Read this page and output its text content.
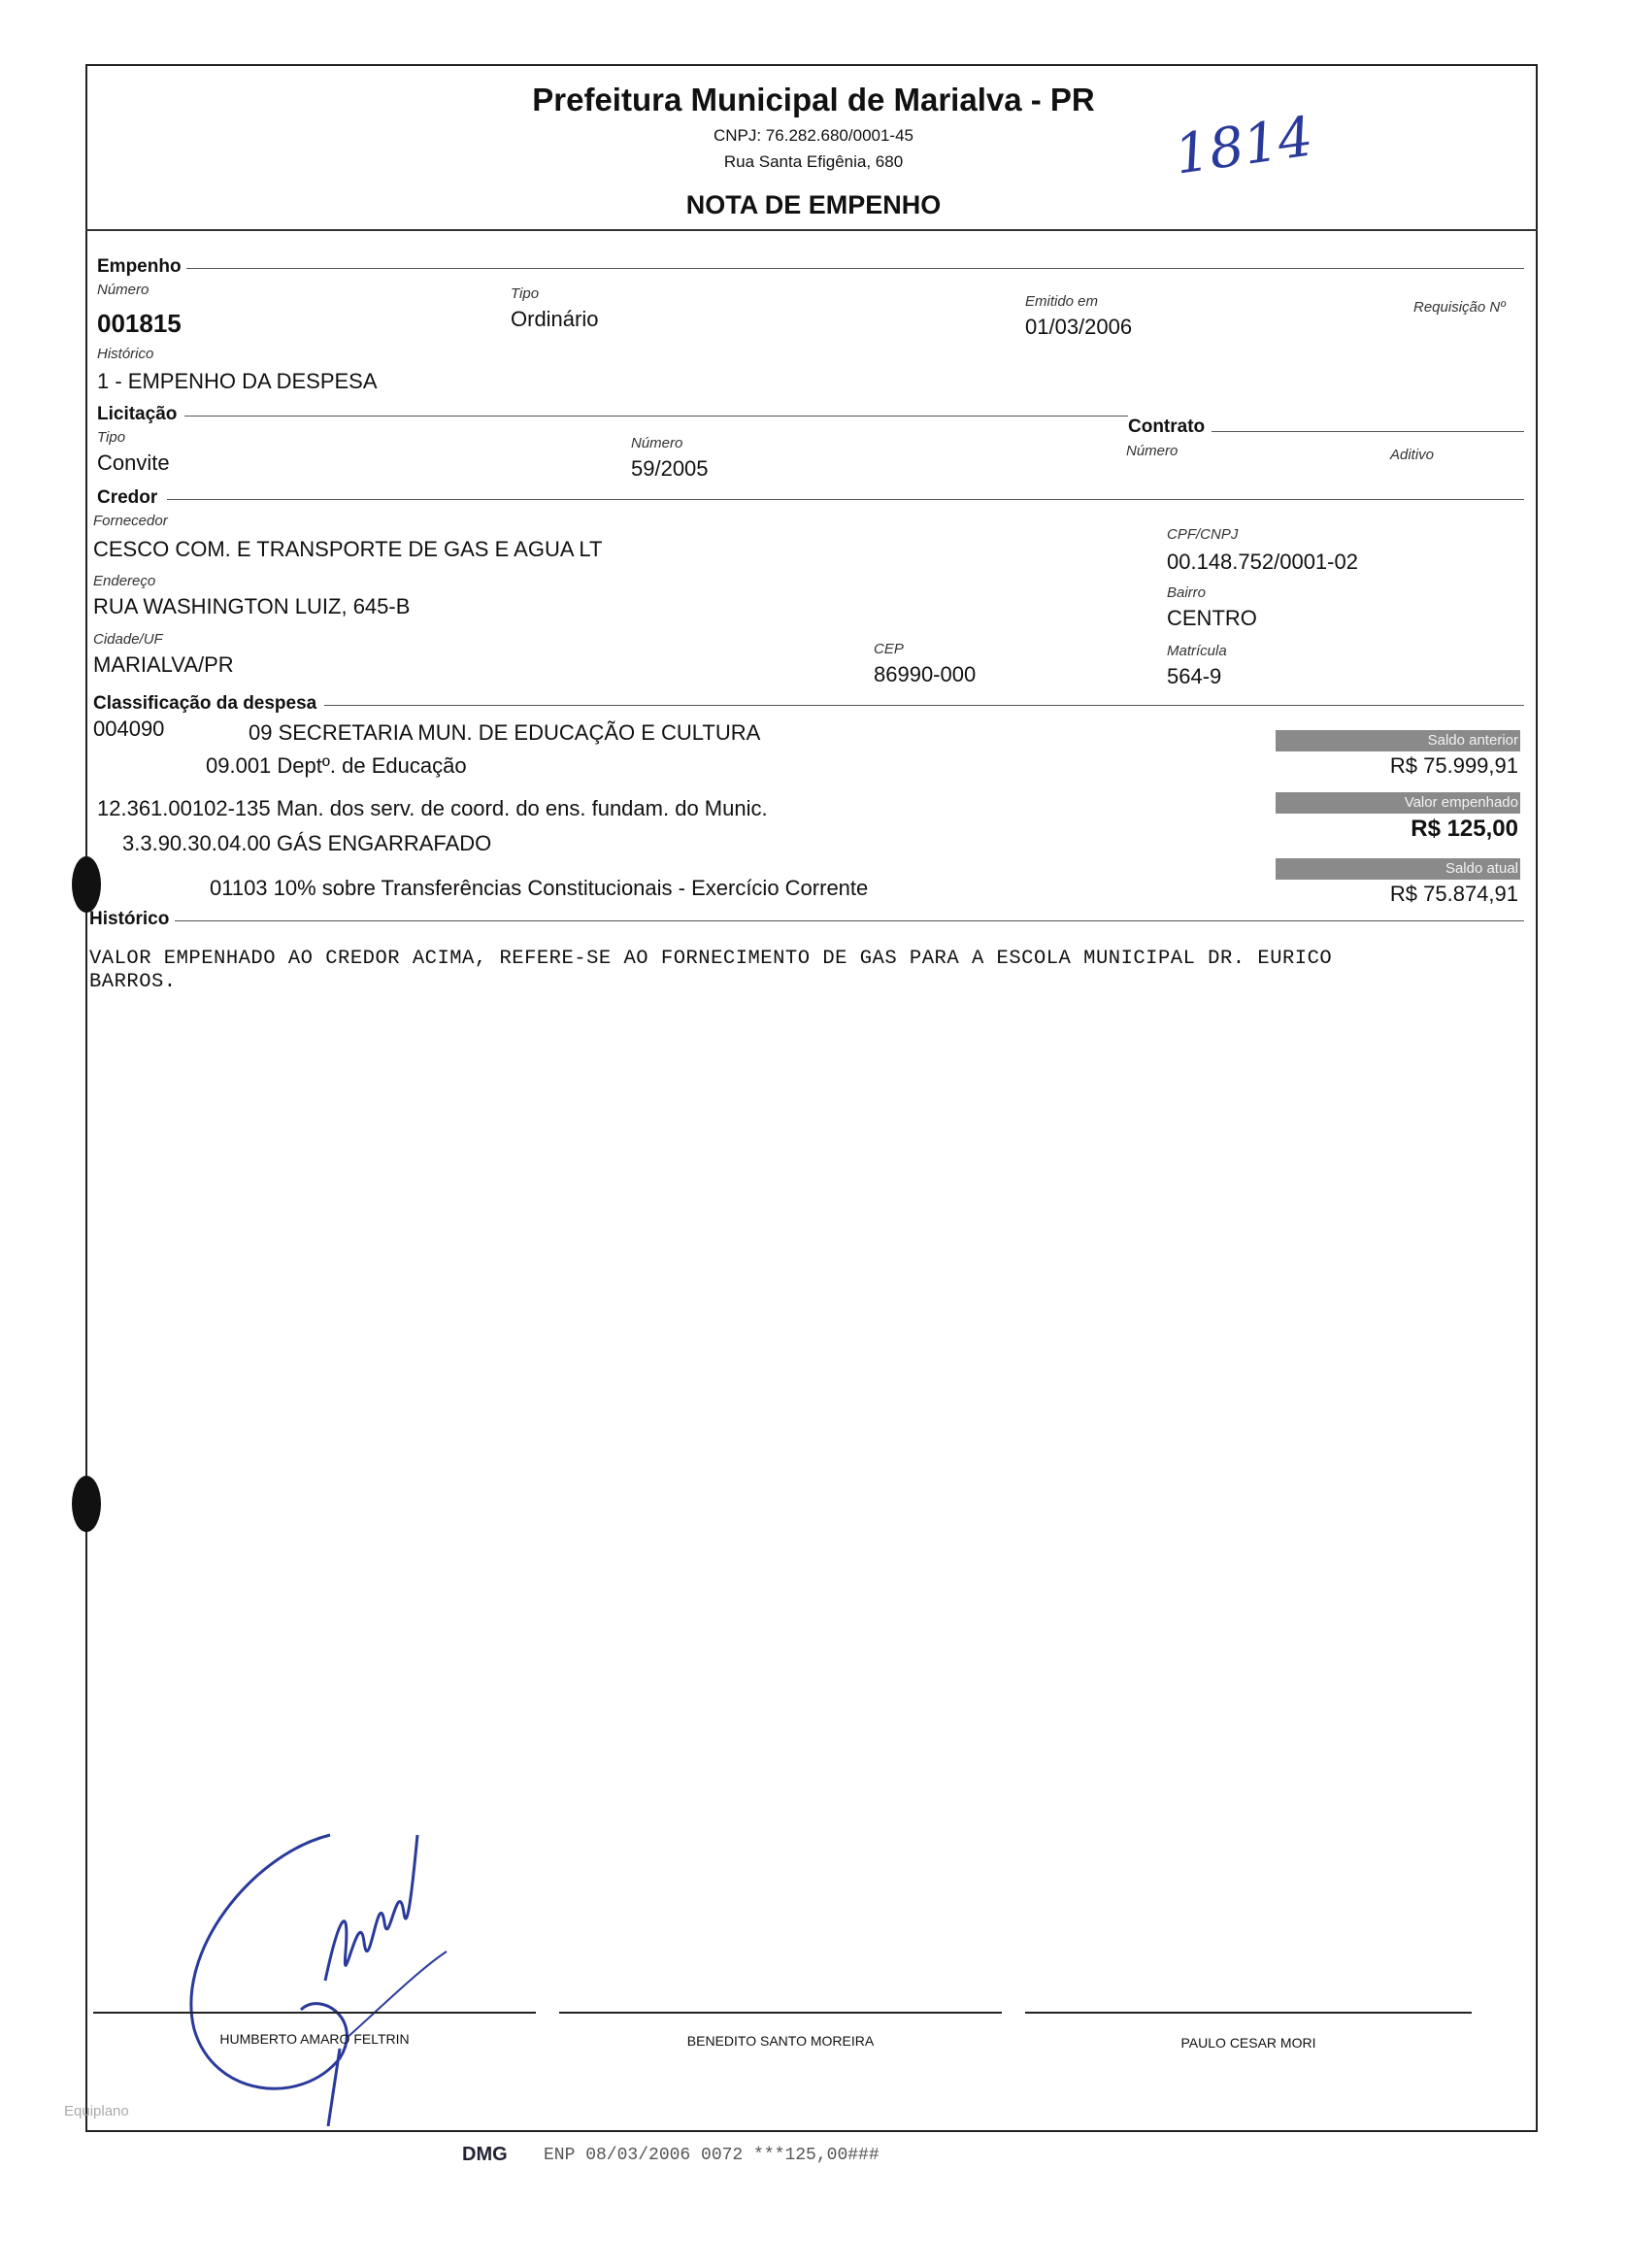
Prefeitura Municipal de Marialva - PR
CNPJ: 76.282.680/0001-45
Rua Santa Efigênia, 680
NOTA DE EMPENHO
1814
Empenho
Número
001815
Tipo
Ordinário
Emitido em
01/03/2006
Requisição Nº
Histórico
1 - EMPENHO DA DESPESA
Licitação
Tipo
Convite
Número
59/2005
Contrato
Número	Aditivo
Credor
Fornecedor
CESCO COM. E TRANSPORTE DE GAS E AGUA LT
CPF/CNPJ
00.148.752/0001-02
Endereço
RUA WASHINGTON LUIZ, 645-B
Bairro
CENTRO
Cidade/UF
MARIALVA/PR
CEP
86990-000
Matrícula
564-9
Classificação da despesa
004090	09 SECRETARIA MUN. DE EDUCAÇÃO E CULTURA
09.001 Deptº. de Educação
12.361.00102-135 Man. dos serv. de coord. do ens. fundam. do Munic.
3.3.90.30.04.00 GÁS ENGARRAFADO
01103 10% sobre Transferências Constitucionais - Exercício Corrente
Saldo anterior
R$ 75.999,91
Valor empenhado
R$ 125,00
Saldo atual
R$ 75.874,91
Histórico
VALOR EMPENHADO AO CREDOR ACIMA, REFERE-SE AO FORNECIMENTO DE GAS PARA A ESCOLA MUNICIPAL DR. EURICO
BARROS.
HUMBERTO AMARO FELTRIN	BENEDITO SANTO MOREIRA	PAULO CESAR MORI
Equiplano
DMG ENP 08/03/2006 0072 ***125,00###
